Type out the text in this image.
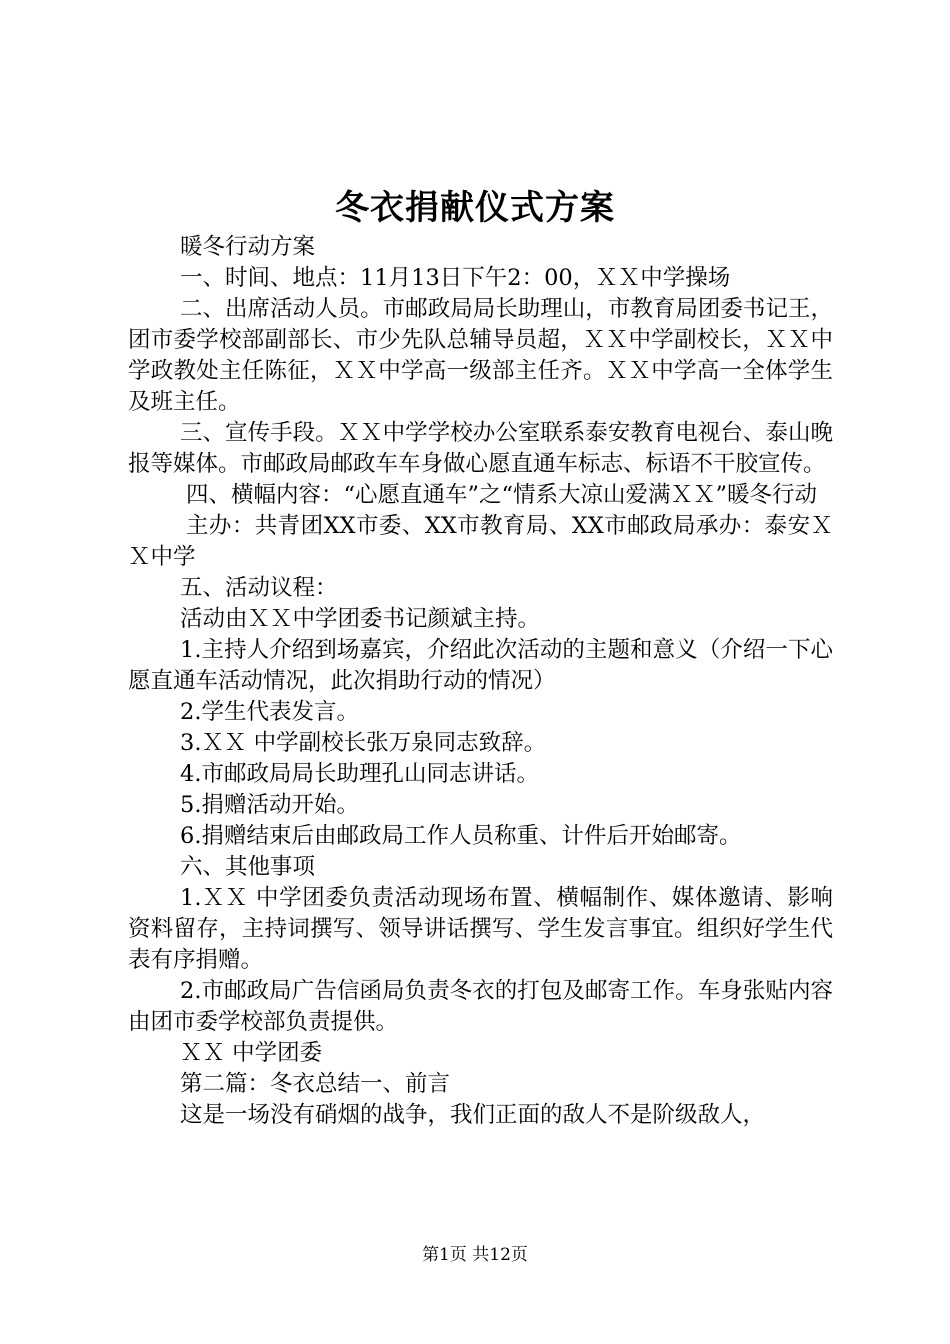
冬衣捐献仪式方案

暖冬行动方案

一、时间、地点：11月13日下午2：00，ＸＸ中学操场

二、出席活动人员。市邮政局局长助理山，市教育局团委书记王，团市委学校部副部长、市少先队总辅导员超，ＸＸ中学副校长，ＸＸ中学政教处主任陈征，ＸＸ中学高一级部主任齐。ＸＸ中学高一全体学生及班主任。

三、宣传手段。ＸＸ中学学校办公室联系泰安教育电视台、泰山晚报等媒体。市邮政局邮政车车身做心愿直通车标志、标语不干胶宣传。

四、横幅内容：“心愿直通车”之“情系大凉山爱满ＸＸ”暖冬行动

主办：共青团XX市委、XX市教育局、XX市邮政局承办：泰安ＸＸ中学

五、活动议程：

活动由ＸＸ中学团委书记颜斌主持。

1.主持人介绍到场嘉宾，介绍此次活动的主题和意义（介绍一下心愿直通车活动情况，此次捐助行动的情况）

2.学生代表发言。

3.ＸＸ 中学副校长张万泉同志致辞。

4.市邮政局局长助理孔山同志讲话。

5.捐赠活动开始。

6.捐赠结束后由邮政局工作人员称重、计件后开始邮寄。

六、其他事项

1.ＸＸ 中学团委负责活动现场布置、横幅制作、媒体邀请、影响资料留存，主持词撰写、领导讲话撰写、学生发言事宜。组织好学生代表有序捐赠。

2.市邮政局广告信函局负责冬衣的打包及邮寄工作。车身张贴内容由团市委学校部负责提供。

ＸＸ 中学团委

第二篇：冬衣总结一、前言

这是一场没有硝烟的战争，我们正面的敌人不是阶级敌人，

第1页 共12页
